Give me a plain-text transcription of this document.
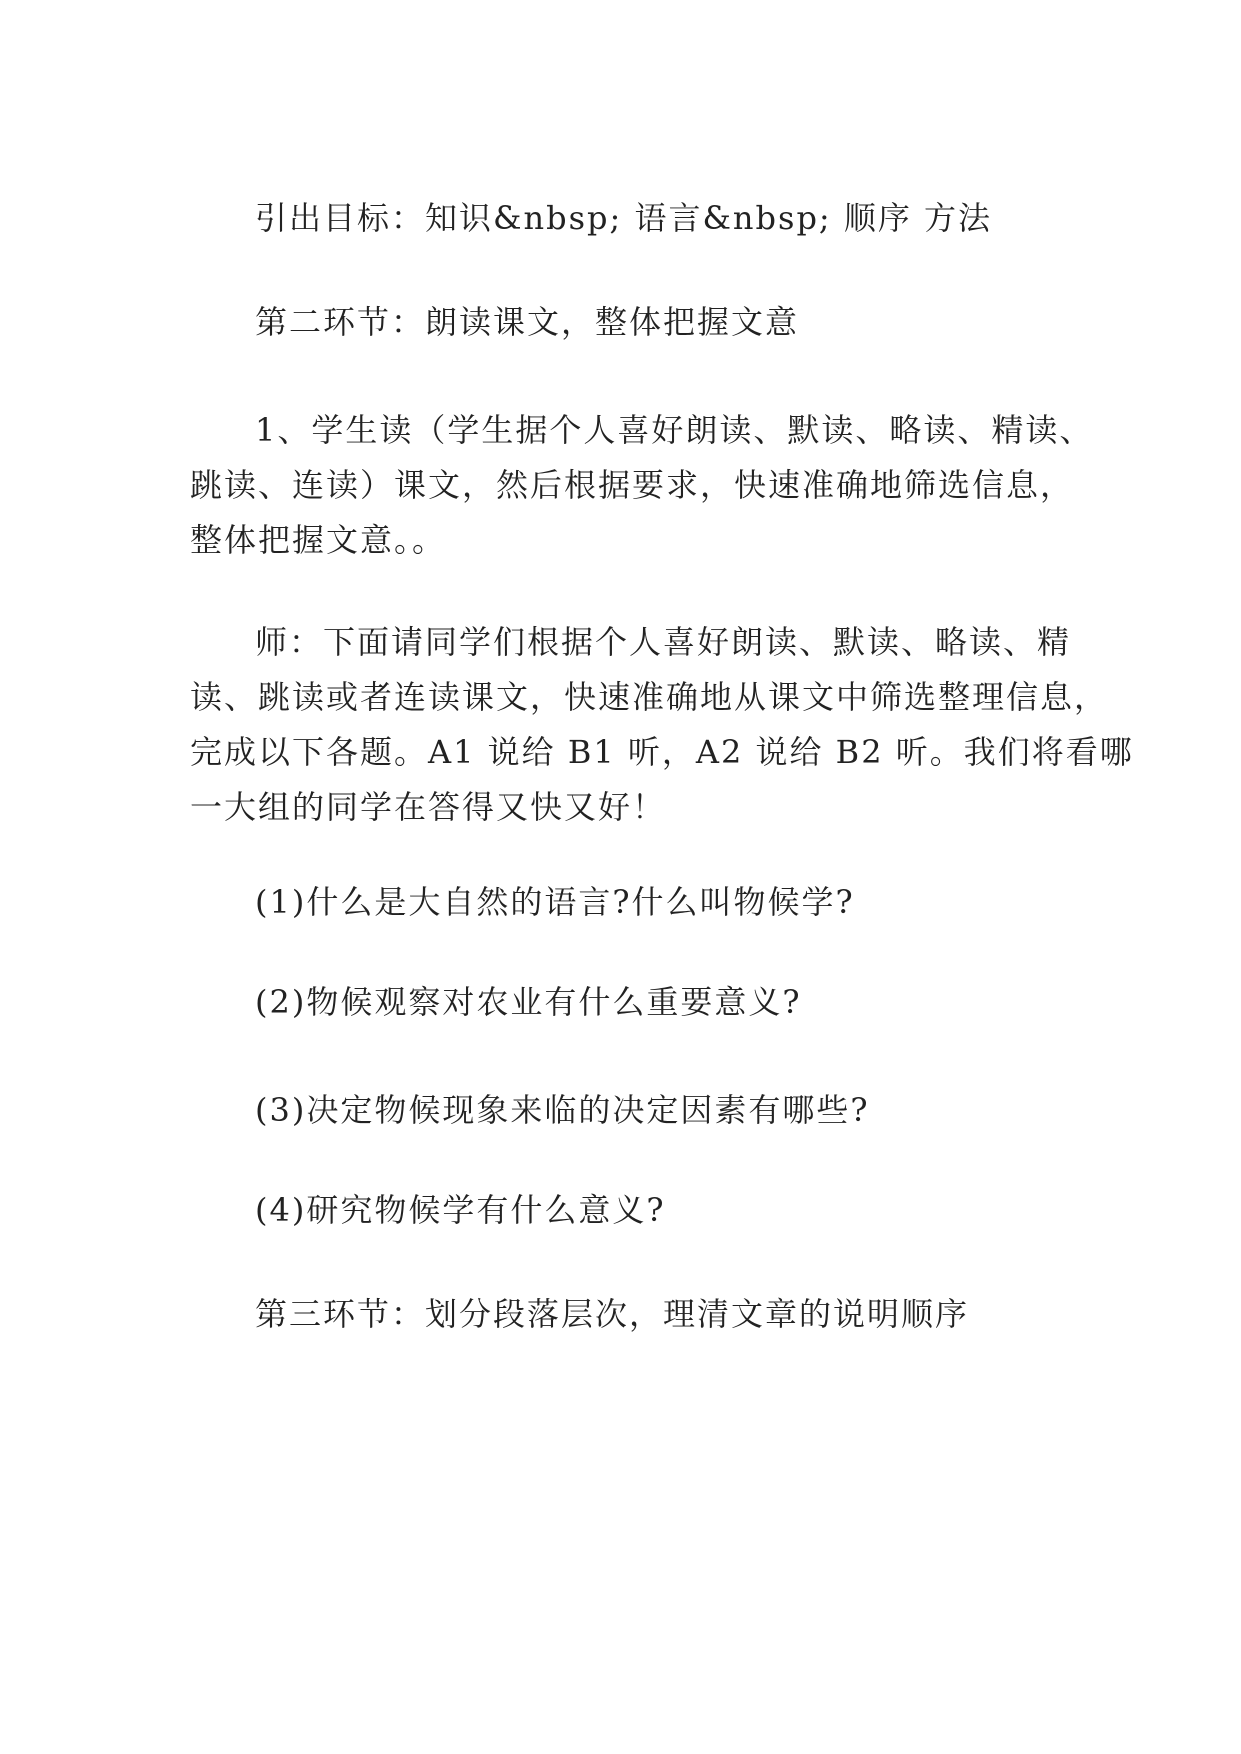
引出目标：知识&nbsp; 语言&nbsp; 顺序 方法

第二环节：朗读课文，整体把握文意

1、学生读（学生据个人喜好朗读、默读、略读、精读、

跳读、连读）课文，然后根据要求，快速准确地筛选信息，

整体把握文意。。

师：下面请同学们根据个人喜好朗读、默读、略读、精

读、跳读或者连读课文，快速准确地从课文中筛选整理信息，

完成以下各题。A1 说给 B1 听，A2 说给 B2 听。我们将看哪

一大组的同学在答得又快又好！

(1)什么是大自然的语言?什么叫物候学?

(2)物候观察对农业有什么重要意义?

(3)决定物候现象来临的决定因素有哪些?

(4)研究物候学有什么意义?

第三环节：划分段落层次，理清文章的说明顺序
